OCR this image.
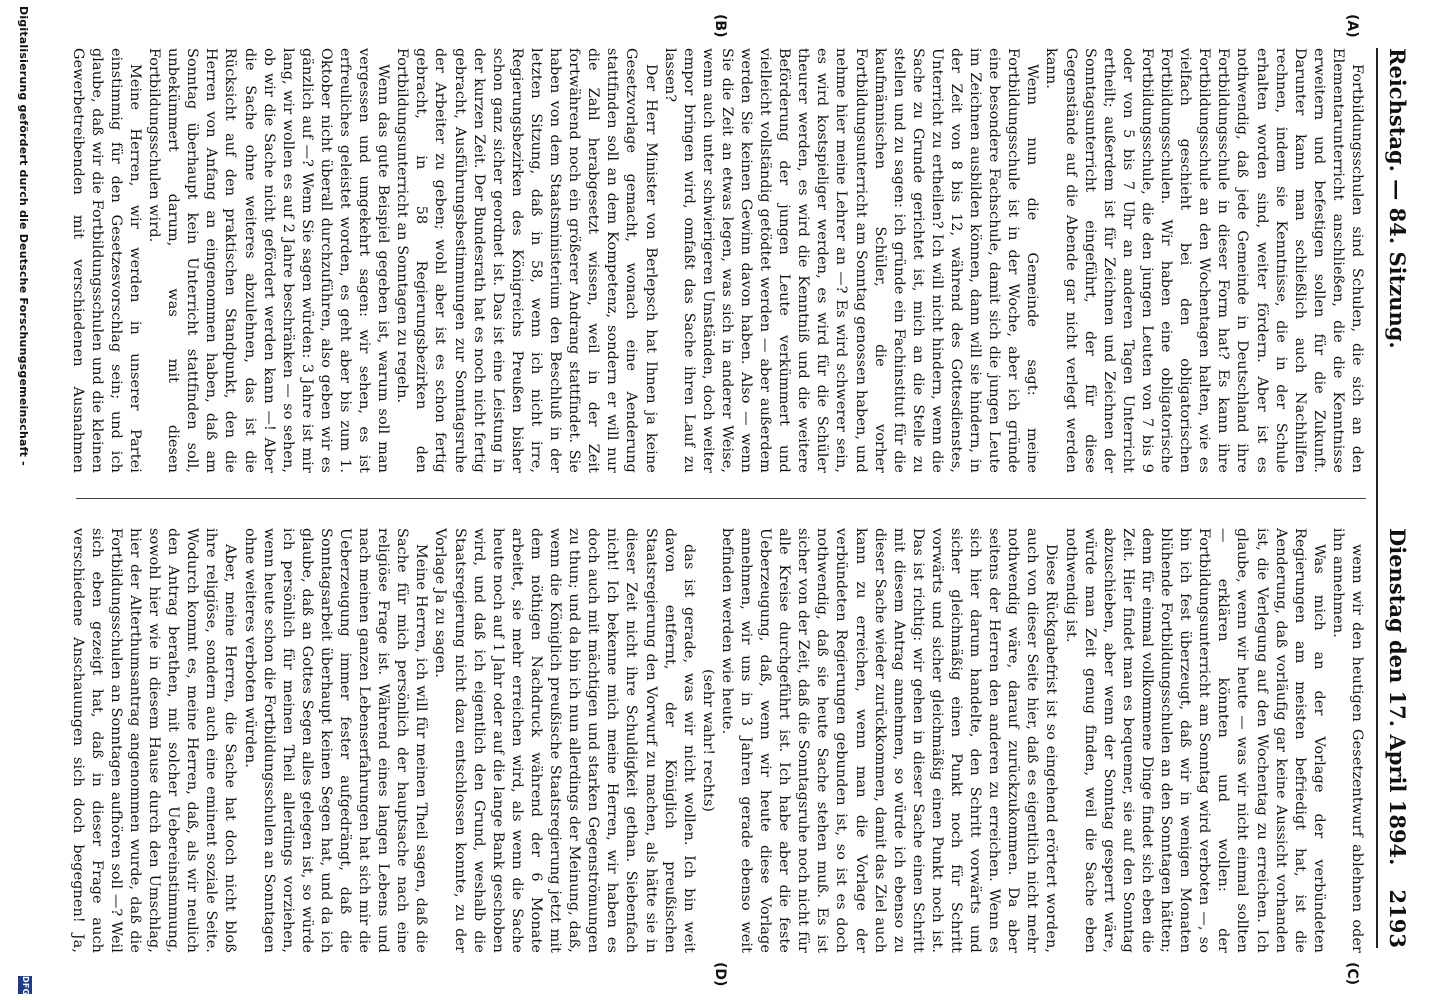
Reichstag. — 84. Sitzung.
Dienstag den 17. April 1894.
2193
(A)
(B)
(C)
(D)

Fortbildungsschulen sind Schulen, die sich an den Elementarunterricht anschließen, die die Kenntnisse erweitern und befestigen sollen für die Zukunft. Darunter kann man schließlich auch Nachhilfen rechnen, indem sie Kenntnisse, die in der Schule erhalten worden sind, weiter fördern. Aber ist es nothwendig, daß jede Gemeinde in Deutschland ihre Fortbildungsschule in dieser Form hat? Es kann ihre Fortbildungsschule an den Wochentagen halten, wie es vielfach geschieht bei den obligatorischen Fortbildungsschulen. Wir haben eine obligatorische Fortbildungsschule, die den jungen Leuten von 7 bis 9 oder von 5 bis 7 Uhr an anderen Tagen Unterricht ertheilt; außerdem ist für Zeichnen und Zeichnen der Sonntagsunterricht eingeführt, der für diese Gegenstände auf die Abende gar nicht verlegt werden kann.

Wenn nun die Gemeinde sagt: meine Fortbildungsschule ist in der Woche, aber ich gründe eine besondere Fachschule, damit sich die jungen Leute im Zeichnen ausbilden können, dann will sie hindern, in der Zeit von 8 bis 12, während des Gottesdienstes, Unterricht zu ertheilen? Ich will nicht hindern, wenn die Sache zu Grunde gerichtet ist, mich an die Stelle zu stellen und zu sagen: ich gründe ein Fachinstitut für die kaufmännischen Schüler, die vorher Fortbildungsunterricht am Sonntag genossen haben, und nehme hier meine Lehrer an —? Es wird schwerer sein, es wird kostspieliger werden, es wird für die Schüler theurer werden, es wird die Kenntniß und die weitere Beförderung der jungen Leute verkümmert und vielleicht vollständig getödtet werden — aber außerdem werden Sie keinen Gewinn davon haben. Also — wenn Sie die Zeit an etwas legen, was sich in anderer Weise, wenn auch unter schwierigeren Umständen, doch weiter empor bringen wird, omfaßt das Sache ihren Lauf zu lassen?

Der Herr Minister von Berlepsch hat Ihnen ja keine Gesetzvorlage gemacht, wonach eine Aenderung stattfinden soll an dem Kompetenz, sondern er will nur die Zahl herabgesetzt wissen, weil in der Zeit fortwährend noch ein größerer Andrang stattfindet. Sie haben von dem Staatsministerium den Beschluß in der letzten Sitzung, daß in 58, wenn ich nicht irre, Regierungsbezirken des Königreichs Preußen bisher schon ganz sicher geordnet ist. Das ist eine Leistung in der kurzen Zeit. Der Bundesrath hat es noch nicht fertig gebracht, Ausführungsbestimmungen zur Sonntagsruhe der Arbeiter zu geben; wohl aber ist es schon fertig gebracht, in 58 Regierungsbezirken den Fortbildungsunterricht an Sonntagen zu regeln.

Wenn das gute Beispiel gegeben ist, warum soll man vergessen und umgekehrt sagen: wir sehen, es ist erfreuliches geleistet worden, es geht aber bis zum 1. Oktober nicht überall durchzuführen, also geben wir es gänzlich auf —? Wenn Sie sagen würden: 3 Jahre ist mir lang, wir wollen es auf 2 Jahre beschränken — so sehen, ob wir die Sache nicht gefördert werden kann —! Aber die Sache ohne weiteres abzulehnen, das ist die Rücksicht auf den praktischen Standpunkt, den die Herren von Anfang an eingenommen haben, daß am Sonntag überhaupt kein Unterricht stattfinden soll, unbekümmert darum, was mit diesen Fortbildungsschulen wird.

Meine Herren, wir werden in unserer Partei einstimmig für den Gesetzesvorschlag sein; und ich glaube, daß wir die Fortbildungsschulen und die kleinen Gewerbetreibenden mit verschiedenen Ausnahmen

wenn wir den heutigen Gesetzentwurf ablehnen oder ihn annehmen.

Was mich an der Vorlage der verbündeten Regierungen am meisten befriedigt hat, ist die Aenderung, daß vorläufig gar keine Aussicht vorhanden ist, die Verlegung auf den Wochentag zu erreichen. Ich glaube, wenn wir heute — was wir nicht einmal sollten — erklären könnten und wollen: der Fortbildungsunterricht am Sonntag wird verboten —, so bin ich fest überzeugt, daß wir in wenigen Monaten blühende Fortbildungsschulen an den Sonntagen hätten; denn für einmal vollkommene Dinge findet sich eben die Zeit. Hier findet man es bequemer, sie auf den Sonntag abzuschieben, aber wenn der Sonntag gesperrt wäre, würde man Zeit genug finden, weil die Sache eben nothwendig ist.

Diese Rückgabefrist ist so eingehend erörtert worden, auch von dieser Seite hier, daß es eigentlich nicht mehr nothwendig wäre, darauf zurückzukommen. Da aber seitens der Herren den anderen zu erreichen. Wenn es sich hier darum handelte, den Schritt vorwärts und sicher gleichmäßig einen Punkt noch für Schritt vorwärts und sicher gleichmäßig einen Punkt noch ist. Das ist richtig: wir gehen in dieser Sache einen Schritt mit diesem Antrag annehmen, so würde ich ebenso zu dieser Sache wieder zurückkommen, damit das Ziel auch kann zu erreichen, wenn man die Vorlage der verbündeten Regierungen gebunden ist, so ist es doch nothwendig, daß sie heute Sache stehen muß. Es ist sicher von der Zeit, daß die Sonntagsruhe noch nicht für alle Kreise durchgeführt ist. Ich habe aber die feste Ueberzeugung, daß, wenn wir heute diese Vorlage annehmen, wir uns in 3 Jahren gerade ebenso weit befinden werden wie heute.

(sehr wahr! rechts)

das ist gerade, was wir nicht wollen. Ich bin weit davon entfernt, der Königlich preußischen Staatsregierung den Vorwurf zu machen, als hätte sie in dieser Zeit nicht ihre Schuldigkeit gethan. Siebenfach nicht! Ich bekenne mich meine Herren, wir haben es doch auch mit mächtigen und starken Gegenströmungen zu thun; und da bin ich nun allerdings der Meinung, daß, wenn die Königlich preußische Staatsregierung jetzt mit dem nöthigen Nachdruck während der 6 Monate arbeitet, sie mehr erreichen wird, als wenn die Sache heute noch auf 1 Jahr oder auf die lange Bank geschoben wird, und daß ich eigentlich den Grund, weshalb die Staatsregierung nicht dazu entschlossen konnte, zu der Vorlage Ja zu sagen.

Meine Herren, ich will für meinen Theil sagen, daß die Sache für mich persönlich der hauptsache nach eine religiöse Frage ist. Während eines langen Lebens und nach meinen ganzen Lebenserfahrungen hat sich mir die Ueberzeugung immer fester aufgedrängt, daß die Sonntagsarbeit überhaupt keinen Segen hat, und da ich glaube, daß an Gottes Segen alles gelegen ist, so würde ich persönlich für meinen Theil allerdings vorziehen, wenn heute schon die Fortbildungsschulen an Sonntagen ohne weiteres verboten würden.

Aber, meine Herren, die Sache hat doch nicht bloß ihre religiöse, sondern auch eine eminent soziale Seite. Wodurch kommt es, meine Herren, daß, als wir neulich den Antrag berathen, mit solcher Uebereinstimmung, sowohl hier wie in diesem Hause durch den Umschlag, hier der Alterthumsantrag angenommen wurde, daß die Fortbildungsschulen an Sonntagen aufhören soll —? Weil sich eben gezeigt hat, daß in dieser Frage auch verschiedene Anschauungen sich doch begegnen! Ja,

Digitalisierung gefördert durch die Deutsche Forschungsgemeinschaft -
DFG
